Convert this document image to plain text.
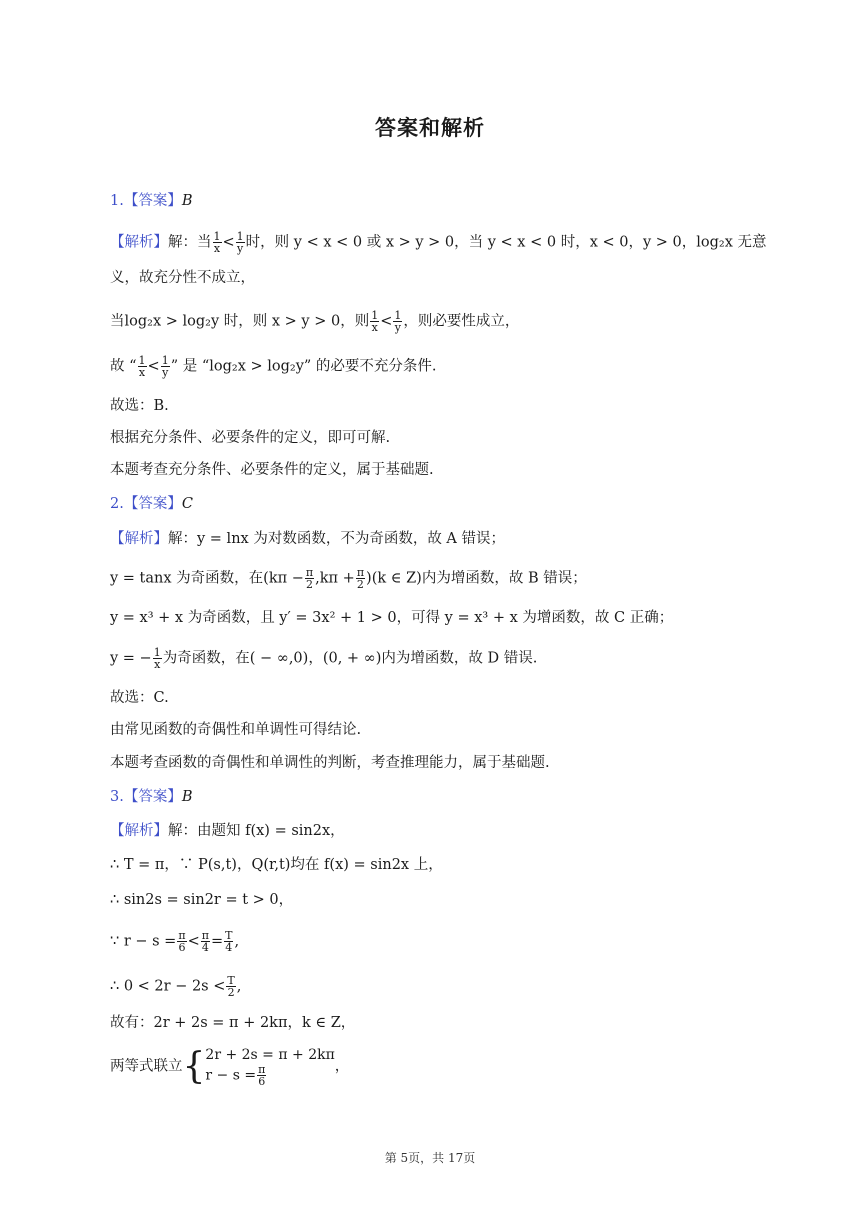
答案和解析
1.【答案】B
【解析】解：当 $\frac{1}{x} < \frac{1}{y}$ 时，则 y < x < 0 或 x > y > 0，当 y < x < 0 时，x < 0，y > 0，log₂x 无意
义，故充分性不成立，
当log₂x > log₂y 时，则 x > y > 0，则 $\frac{1}{x} < \frac{1}{y}$ ，则必要性成立，
故 “ $\frac{1}{x} < \frac{1}{y}$ ” 是 “log₂x > log₂y” 的必要不充分条件.
故选：B.
根据充分条件、必要条件的定义，即可可解.
本题考查充分条件、必要条件的定义，属于基础题.
2.【答案】C
【解析】解：y = lnx 为对数函数，不为奇函数，故 A 错误；
y = tanx 为奇函数，在$(k\pi - \frac{\pi}{2} ,k\pi + \frac{\pi}{2} )(k$ ∈ Z)内为增函数，故 B 错误；
y = x³ + x 为奇函数，且 y′ = 3x² + 1 > 0，可得 y = x³ + x 为增函数，故 C 正确；
y = − $\frac{1}{x}$ 为奇函数，在( − ∞,0)，(0, + ∞)内为增函数，故 D 错误.
故选：C.
由常见函数的奇偶性和单调性可得结论.
本题考查函数的奇偶性和单调性的判断，考查推理能力，属于基础题.
3.【答案】B
【解析】解：由题知 f(x) = sin2x，
∴ T = π，∵ P(s,t)，Q(r,t)均在 f(x) = sin2x 上，
∴ sin2s = sin2r = t > 0，
∵ $r - s = \frac{\pi}{6} < \frac{\pi}{4} = \frac{T}{4}$ ,
∴ $0 < 2r - 2s < \frac{T}{2}$ ,
故有：2r + 2s = π + 2kπ，k ∈ Z，
两等式联立{ 2r + 2s = π + 2kπ
$r - s = \frac{\pi}{6}$	，
第 5页，共 17页
